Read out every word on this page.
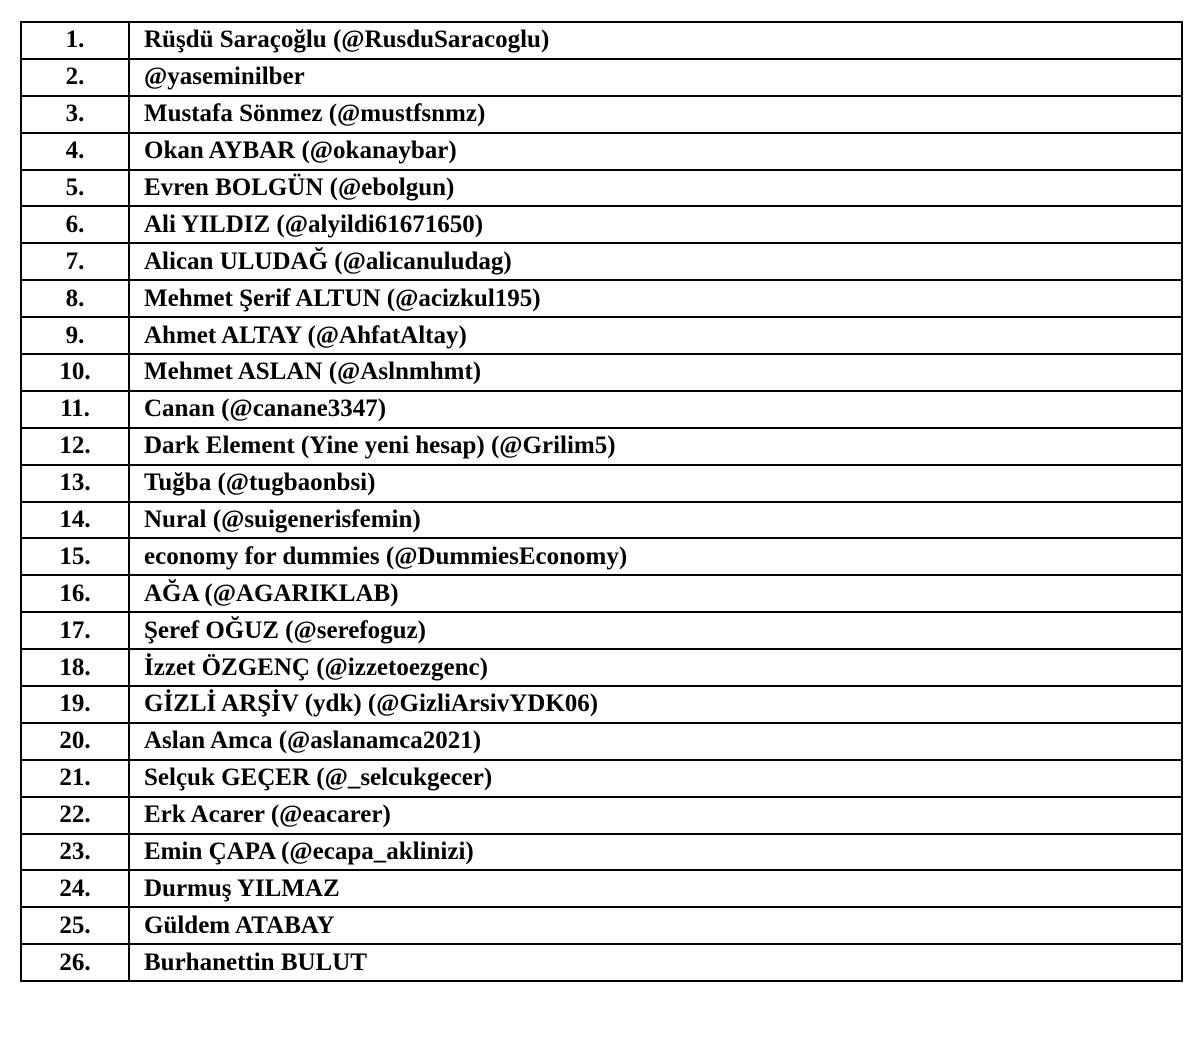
1.	Rüşdü Saraçoğlu (@RusduSaracoglu)
2.	@yaseminilber
3.	Mustafa Sönmez (@mustfsnmz)
4.	Okan AYBAR (@okanaybar)
5.	Evren BOLGÜN (@ebolgun)
6.	Ali YILDIZ (@alyildi61671650)
7.	Alican ULUDAĞ (@alicanuludag)
8.	Mehmet Şerif ALTUN (@acizkul195)
9.	Ahmet ALTAY (@AhfatAltay)
10.	Mehmet ASLAN (@Aslnmhmt)
11.	Canan (@canane3347)
12.	Dark Element (Yine yeni hesap) (@Grilim5)
13.	Tuğba (@tugbaonbsi)
14.	Nural (@suigenerisfemin)
15.	economy for dummies (@DummiesEconomy)
16.	AĞA (@AGARIKLAB)
17.	Şeref OĞUZ (@serefoguz)
18.	İzzet ÖZGENÇ (@izzetoezgenc)
19.	GİZLİ ARŞİV (ydk) (@GizliArsivYDK06)
20.	Aslan Amca (@aslanamca2021)
21.	Selçuk GEÇER (@_selcukgecer)
22.	Erk Acarer (@eacarer)
23.	Emin ÇAPA (@ecapa_aklinizi)
24.	Durmuş YILMAZ
25.	Güldem ATABAY
26.	Burhanettin BULUT
